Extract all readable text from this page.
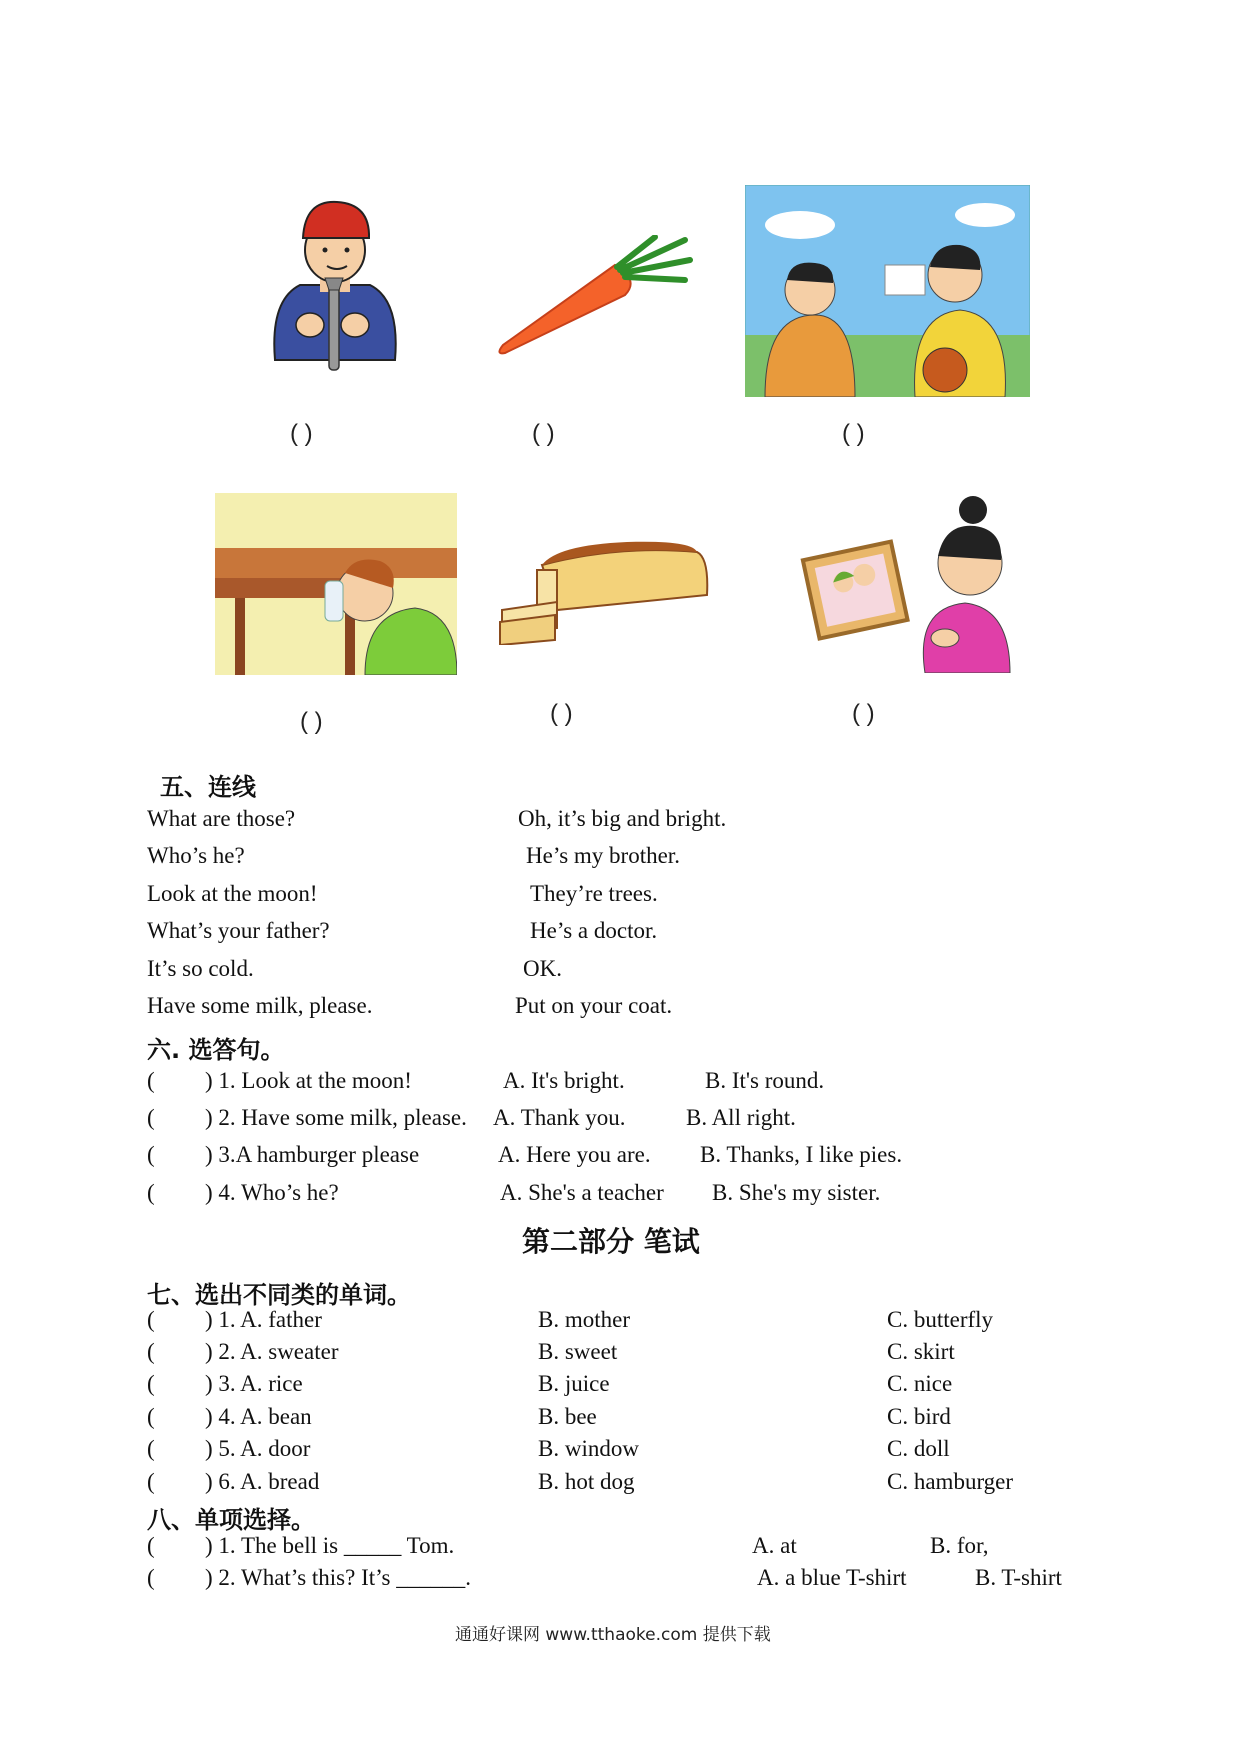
( )	( )	( )
( )	( )	( )
五、连线
What are those?
Who’s he?
Look at the moon!
What’s your father?
It’s so cold.
Have some milk, please.
Oh, it’s big and bright.
He’s my brother.
They’re trees.
He’s a doctor.
OK.
Put on your coat.
六. 选答句。
( ) 1. Look at the moon!	A. It's bright.	B. It's round.
( ) 2. Have some milk, please. A. Thank you.	B. All right.
( ) 3.A hamburger please	A. Here you are. B. Thanks, I like pies.
( ) 4. Who’s he?	A. She's a teacher B. She's my sister.
第二部分 笔试
七、选出不同类的单词。
( ) 1. A. father	B. mother	C. butterfly
( ) 2. A. sweater	B. sweet	C. skirt
( ) 3. A. rice	B. juice	C. nice
( ) 4. A. bean	B. bee	C. bird
( ) 5. A. door	B. window	C. doll
( ) 6. A. bread	B. hot dog	C. hamburger
八、单项选择。
( ) 1. The bell is _____ Tom.	A. at	B. for,
( ) 2. What’s this? It’s ______.	A. a blue T-shirt	B. T-shirt
通通好课网 www.tthaoke.com 提供下载
